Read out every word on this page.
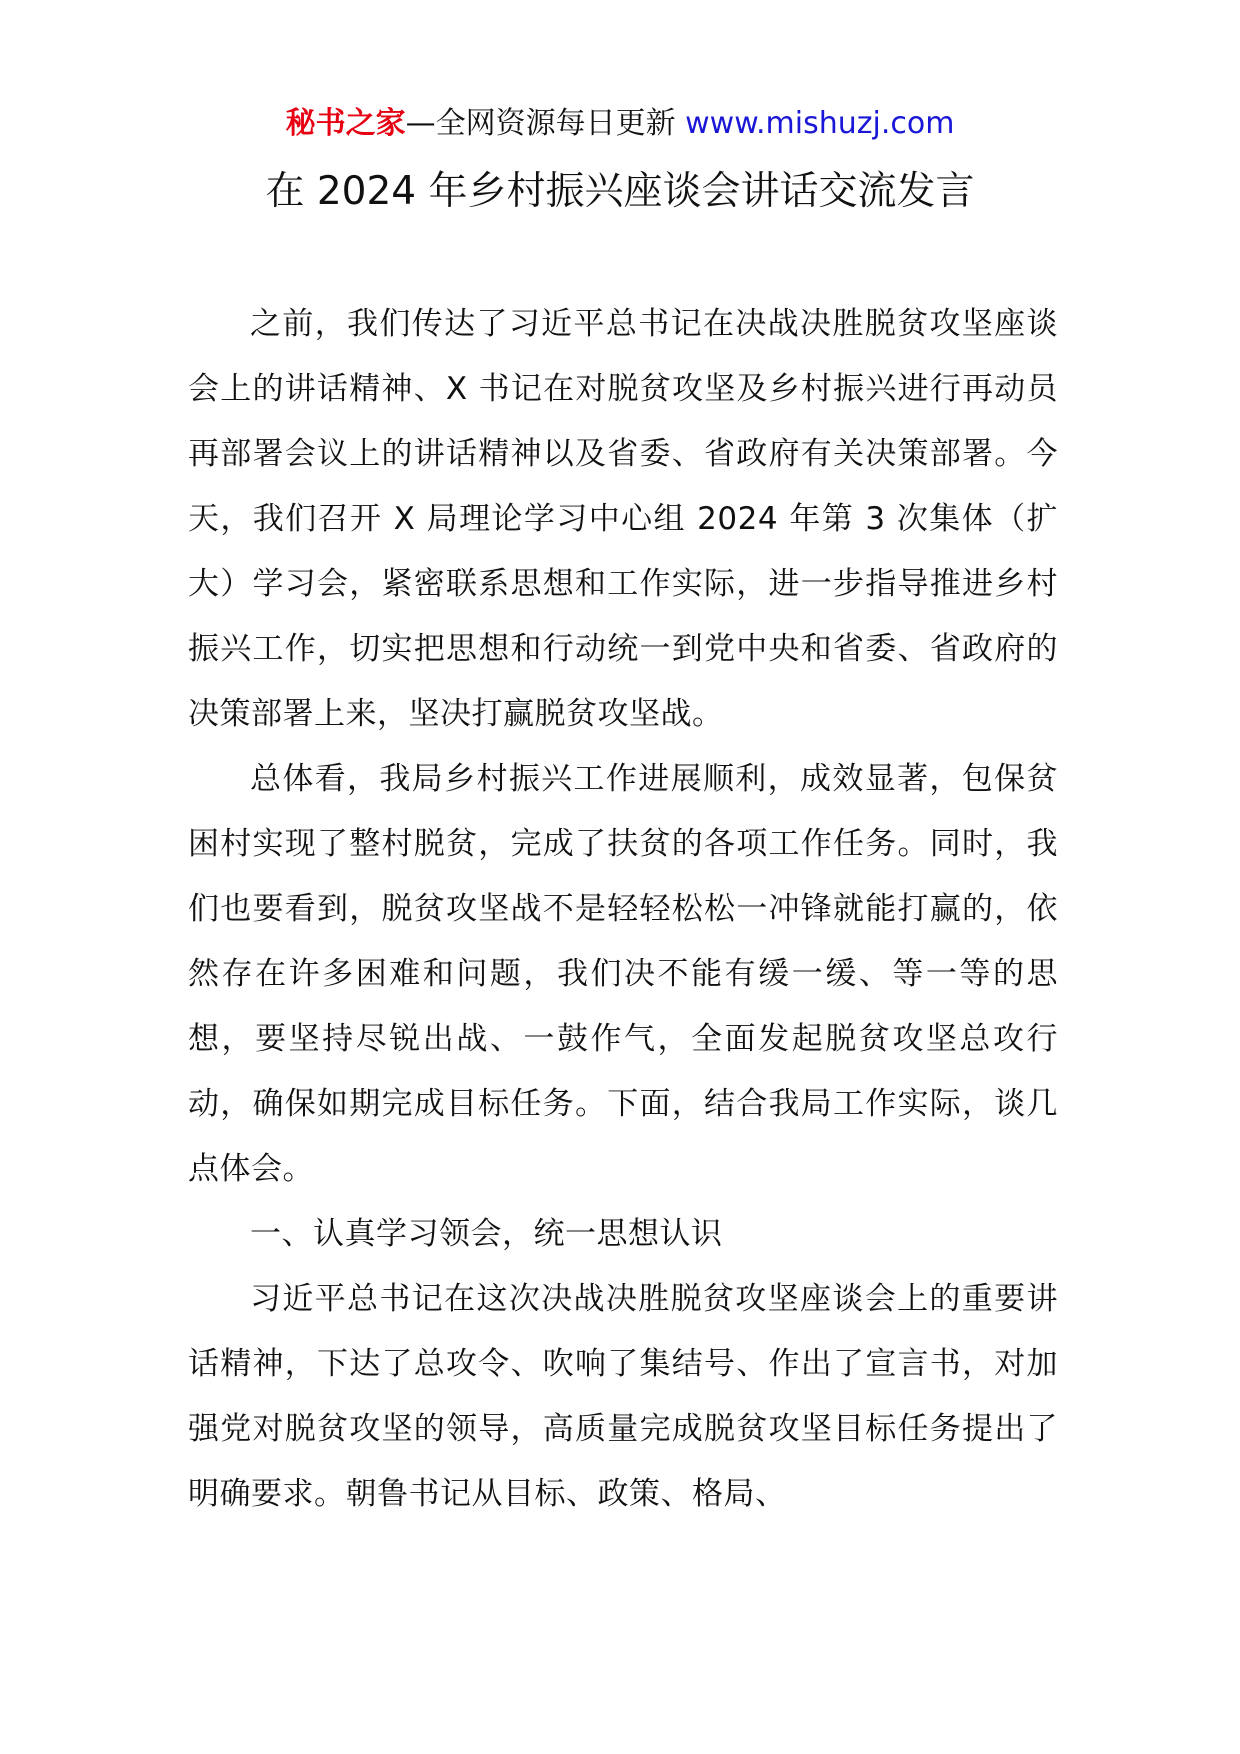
秘书之家—全网资源每日更新 www.mishuzj.com
在 2024 年乡村振兴座谈会讲话交流发言

之前，我们传达了习近平总书记在决战决胜脱贫攻坚座谈会上的讲话精神、X 书记在对脱贫攻坚及乡村振兴进行再动员再部署会议上的讲话精神以及省委、省政府有关决策部署。今天，我们召开 X 局理论学习中心组 2024 年第 3 次集体（扩大）学习会，紧密联系思想和工作实际，进一步指导推进乡村振兴工作，切实把思想和行动统一到党中央和省委、省政府的决策部署上来，坚决打赢脱贫攻坚战。

总体看，我局乡村振兴工作进展顺利，成效显著，包保贫困村实现了整村脱贫，完成了扶贫的各项工作任务。同时，我们也要看到，脱贫攻坚战不是轻轻松松一冲锋就能打赢的，依然存在许多困难和问题，我们决不能有缓一缓、等一等的思想，要坚持尽锐出战、一鼓作气，全面发起脱贫攻坚总攻行动，确保如期完成目标任务。下面，结合我局工作实际，谈几点体会。

一、认真学习领会，统一思想认识

习近平总书记在这次决战决胜脱贫攻坚座谈会上的重要讲话精神，下达了总攻令、吹响了集结号、作出了宣言书，对加强党对脱贫攻坚的领导，高质量完成脱贫攻坚目标任务提出了明确要求。朝鲁书记从目标、政策、格局、
